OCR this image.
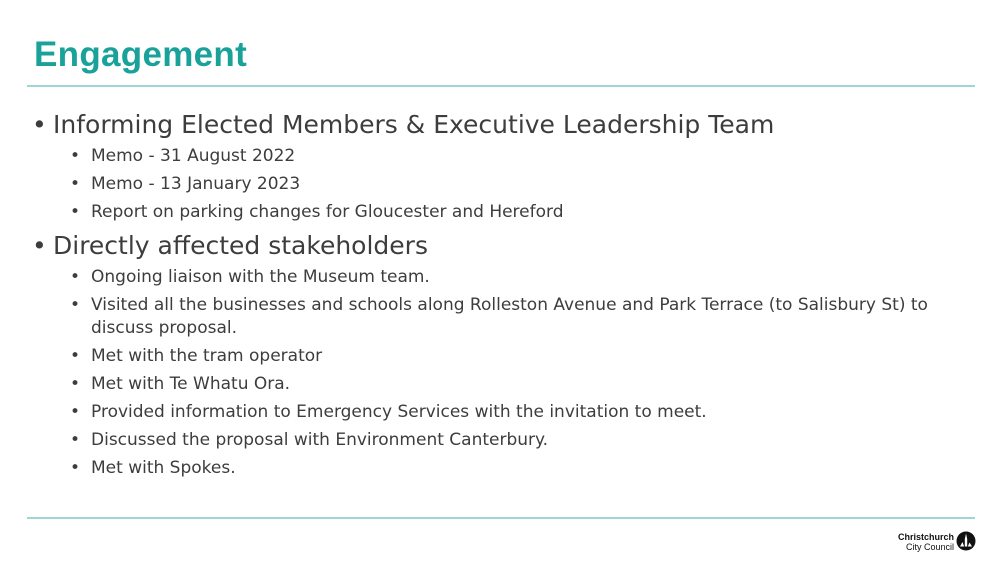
Engagement
• Informing Elected Members & Executive Leadership Team
• Memo - 31 August 2022
• Memo - 13 January 2023
• Report on parking changes for Gloucester and Hereford
• Directly affected stakeholders
• Ongoing liaison with the Museum team.
• Visited all the businesses and schools along Rolleston Avenue and Park Terrace (to Salisbury St) to discuss proposal.
• Met with the tram operator
• Met with Te Whatu Ora.
• Provided information to Emergency Services with the invitation to meet.
• Discussed the proposal with Environment Canterbury.
• Met with Spokes.
Christchurch
City Council
